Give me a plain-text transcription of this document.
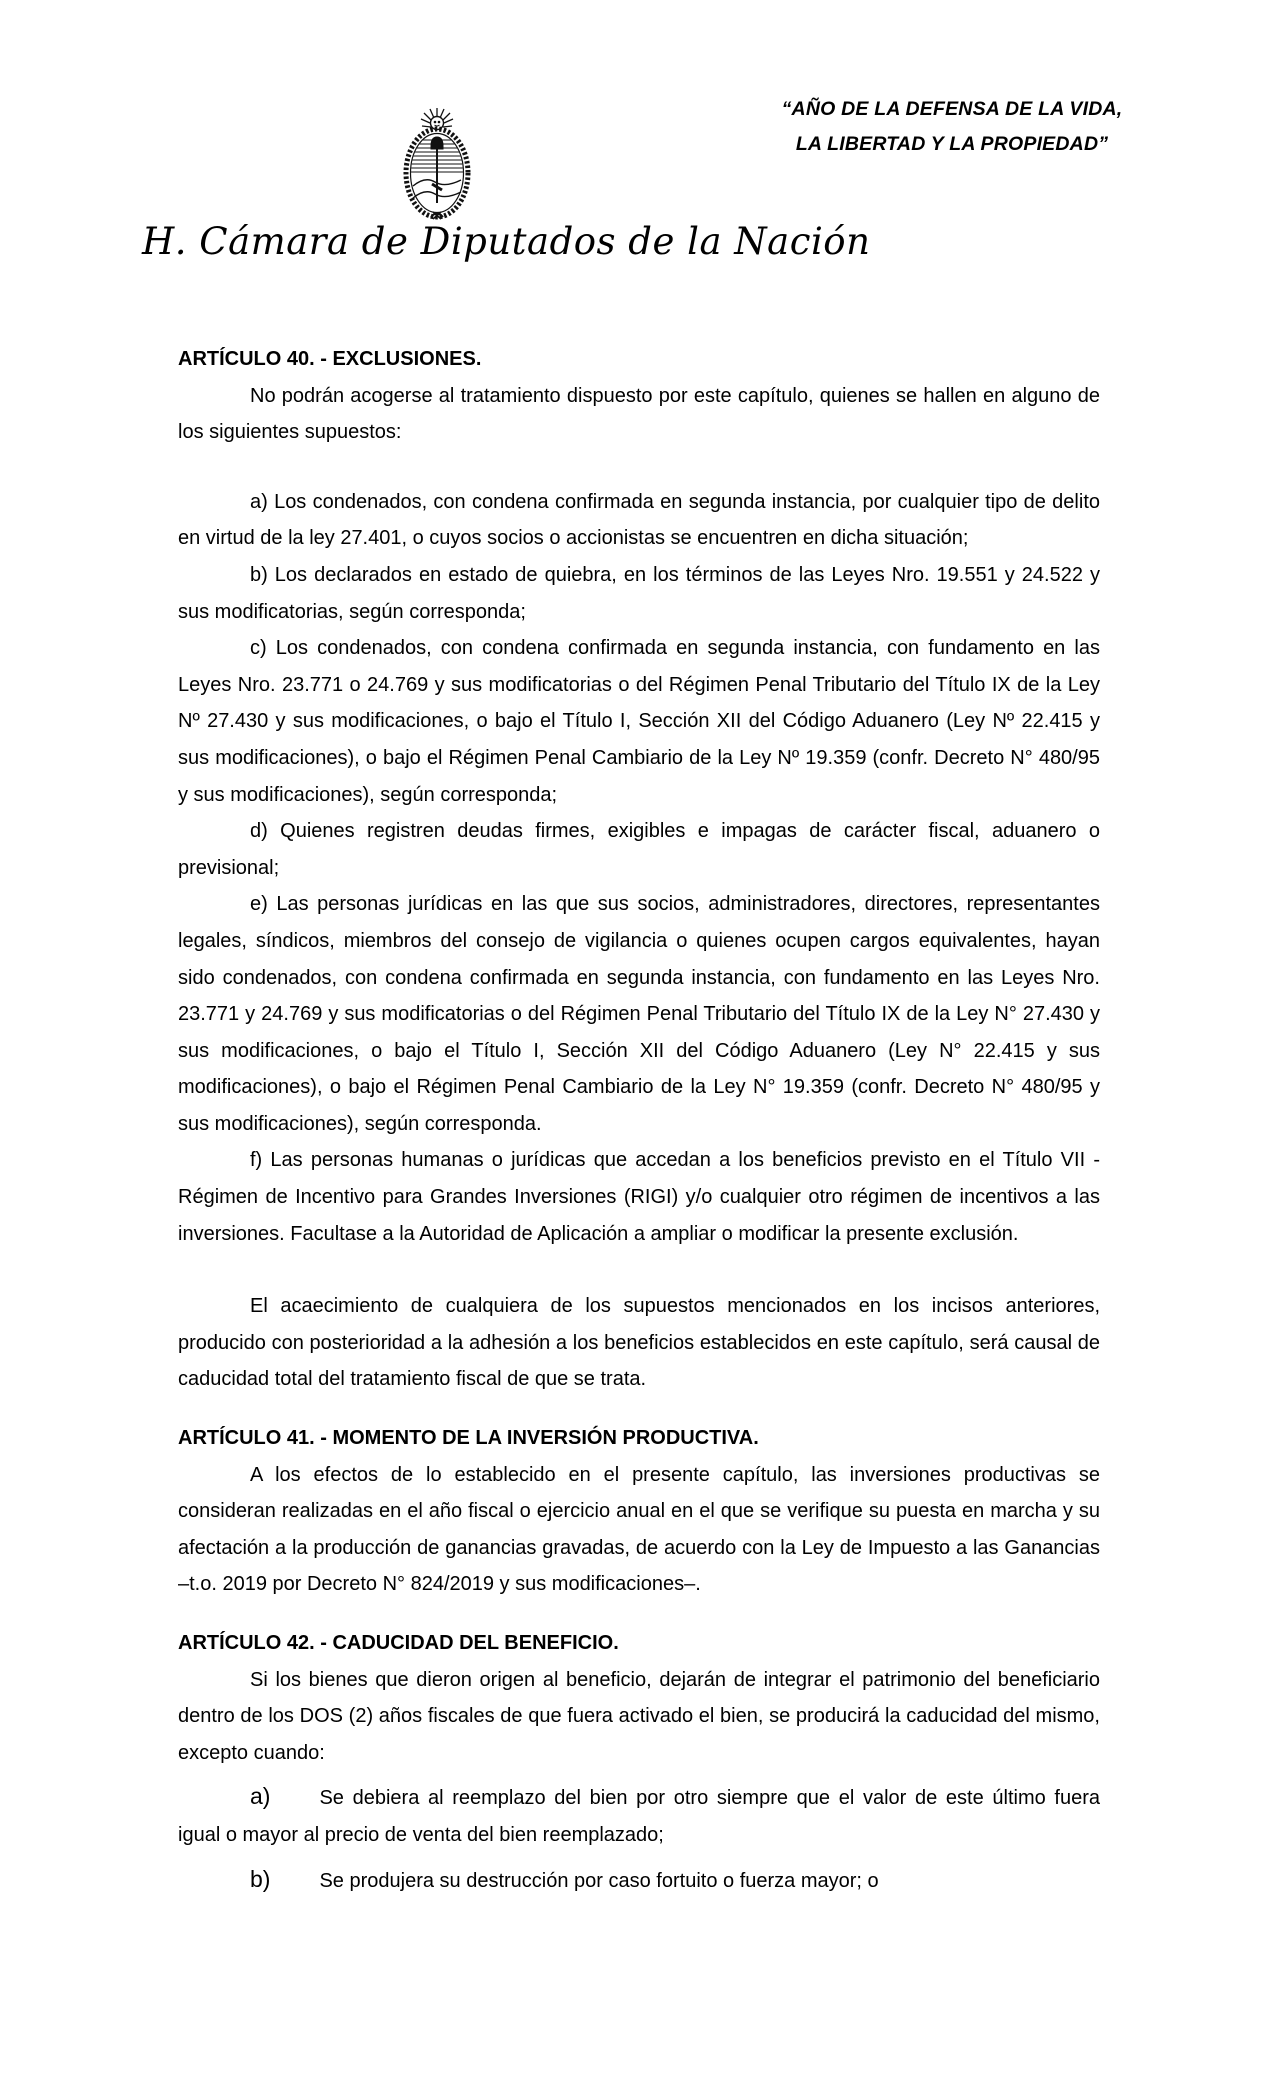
“AÑO DE LA DEFENSA DE LA VIDA,
LA LIBERTAD Y LA PROPIEDAD”
H. Cámara de Diputados de la Nación

ARTÍCULO 40. - EXCLUSIONES.

No podrán acogerse al tratamiento dispuesto por este capítulo, quienes se hallen en alguno de los siguientes supuestos:

a) Los condenados, con condena confirmada en segunda instancia, por cualquier tipo de delito en virtud de la ley 27.401, o cuyos socios o accionistas se encuentren en dicha situación;

b) Los declarados en estado de quiebra, en los términos de las Leyes Nro. 19.551 y 24.522 y sus modificatorias, según corresponda;

c) Los condenados, con condena confirmada en segunda instancia, con fundamento en las Leyes Nro. 23.771 o 24.769 y sus modificatorias o del Régimen Penal Tributario del Título IX de la Ley Nº 27.430 y sus modificaciones, o bajo el Título I, Sección XII del Código Aduanero (Ley Nº 22.415 y sus modificaciones), o bajo el Régimen Penal Cambiario de la Ley Nº 19.359 (confr. Decreto N° 480/95 y sus modificaciones), según corresponda;

d) Quienes registren deudas firmes, exigibles e impagas de carácter fiscal, aduanero o previsional;

e) Las personas jurídicas en las que sus socios, administradores, directores, representantes legales, síndicos, miembros del consejo de vigilancia o quienes ocupen cargos equivalentes, hayan sido condenados, con condena confirmada en segunda instancia, con fundamento en las Leyes Nro. 23.771 y 24.769 y sus modificatorias o del Régimen Penal Tributario del Título IX de la Ley N° 27.430 y sus modificaciones, o bajo el Título I, Sección XII del Código Aduanero (Ley N° 22.415 y sus modificaciones), o bajo el Régimen Penal Cambiario de la Ley N° 19.359 (confr. Decreto N° 480/95 y sus modificaciones), según corresponda.

f) Las personas humanas o jurídicas que accedan a los beneficios previsto en el Título VII - Régimen de Incentivo para Grandes Inversiones (RIGI) y/o cualquier otro régimen de incentivos a las inversiones. Facultase a la Autoridad de Aplicación a ampliar o modificar la presente exclusión.

El acaecimiento de cualquiera de los supuestos mencionados en los incisos anteriores, producido con posterioridad a la adhesión a los beneficios establecidos en este capítulo, será causal de caducidad total del tratamiento fiscal de que se trata.

ARTÍCULO 41. - MOMENTO DE LA INVERSIÓN PRODUCTIVA.

A los efectos de lo establecido en el presente capítulo, las inversiones productivas se consideran realizadas en el año fiscal o ejercicio anual en el que se verifique su puesta en marcha y su afectación a la producción de ganancias gravadas, de acuerdo con la Ley de Impuesto a las Ganancias –t.o. 2019 por Decreto N° 824/2019 y sus modificaciones–.

ARTÍCULO 42. - CADUCIDAD DEL BENEFICIO.

Si los bienes que dieron origen al beneficio, dejarán de integrar el patrimonio del beneficiario dentro de los DOS (2) años fiscales de que fuera activado el bien, se producirá la caducidad del mismo, excepto cuando:

a) Se debiera al reemplazo del bien por otro siempre que el valor de este último fuera igual o mayor al precio de venta del bien reemplazado;

b) Se produjera su destrucción por caso fortuito o fuerza mayor; o
